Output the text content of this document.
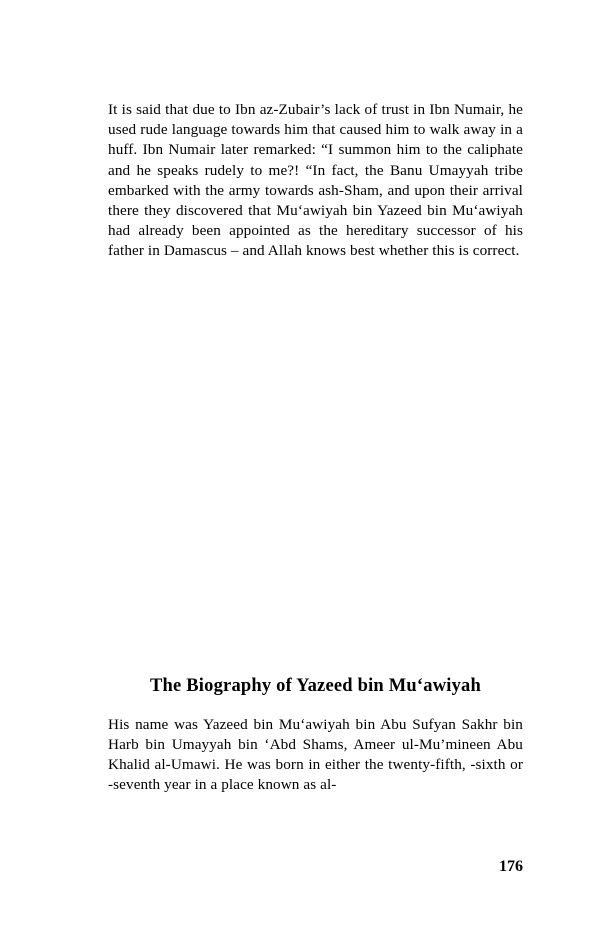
It is said that due to Ibn az-Zubair’s lack of trust in Ibn Numair, he used rude language towards him that caused him to walk away in a huff. Ibn Numair later remarked: “I summon him to the caliphate and he speaks rudely to me?! “In fact, the Banu Umayyah tribe embarked with the army towards ash-Sham, and upon their arrival there they discovered that Mu‘awiyah bin Yazeed bin Mu‘awiyah had already been appointed as the hereditary successor of his father in Damascus – and Allah knows best whether this is correct.

The Biography of Yazeed bin Mu‘awiyah

His name was Yazeed bin Mu‘awiyah bin Abu Sufyan Sakhr bin Harb bin Umayyah bin ‘Abd Shams, Ameer ul-Mu’mineen Abu Khalid al-Umawi. He was born in either the twenty-fifth, -sixth or -seventh year in a place known as al-

176
